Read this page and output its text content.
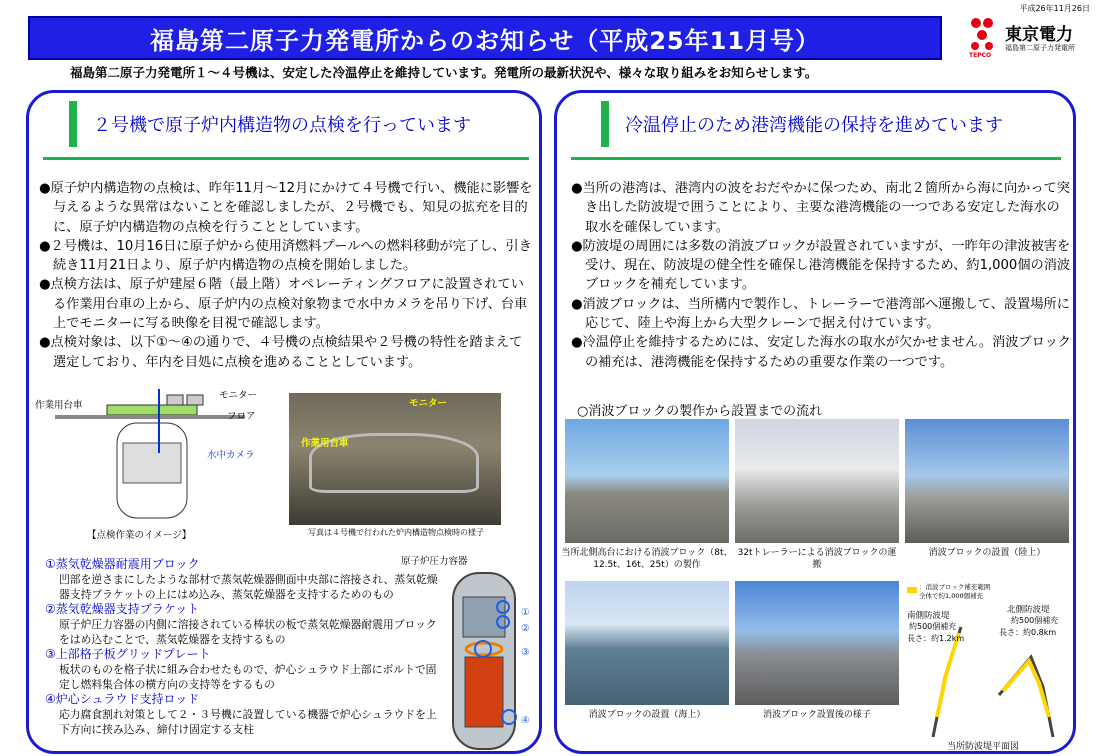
平成26年11月26日
福島第二原子力発電所からのお知らせ（平成25年11月号）	東京電力
福島第二原子力発電所
TEPCO
福島第二原子力発電所１～４号機は、安定した冷温停止を維持しています。発電所の最新状況や、様々な取り組みをお知らせします。
２号機で原子炉内構造物の点検を行っています
●原子炉内構造物の点検は、昨年11月～12月にかけて４号機で行い、機能に影響を与えるような異常はないことを確認しましたが、２号機でも、知見の拡充を目的に、原子炉内構造物の点検を行うこととしています。
●２号機は、10月16日に原子炉から使用済燃料プールへの燃料移動が完了し、引き続き11月21日より、原子炉内構造物の点検を開始しました。
●点検方法は、原子炉建屋６階（最上階）オペレーティングフロアに設置されている作業用台車の上から、原子炉内の点検対象物まで水中カメラを吊り下げ、台車上でモニターに写る映像を目視で確認します。
●点検対象は、以下①～④の通りで、４号機の点検結果や２号機の特性を踏まえて選定しており、年内を目処に点検を進めることとしています。
モニター
作業用台車
フロア
水中カメラ
【点検作業のイメージ】
モニター
作業用台車
写真は４号機で行われた炉内構造物点検時の様子
①蒸気乾燥器耐震用ブロック
凹部を逆さまにしたような部材で蒸気乾燥器側面中央部に溶接され、蒸気乾燥器支持ブラケットの上にはめ込み、蒸気乾燥器を支持するためのもの
②蒸気乾燥器支持ブラケット
原子炉圧力容器の内側に溶接されている棒状の板で蒸気乾燥器耐震用ブロックをはめ込むことで、蒸気乾燥器を支持するもの
③上部格子板グリッドプレート
板状のものを格子状に組み合わせたもので、炉心シュラウド上部にボルトで固定し燃料集合体の横方向の支持等をするもの
④炉心シュラウド支持ロッド
応力腐食割れ対策として２・３号機に設置している機器で炉心シュラウドを上下方向に挟み込み、締付け固定する支柱
原子炉圧力容器
①
②
③
④
冷温停止のため港湾機能の保持を進めています
●当所の港湾は、港湾内の波をおだやかに保つため、南北２箇所から海に向かって突き出した防波堤で囲うことにより、主要な港湾機能の一つである安定した海水の取水を確保しています。
●防波堤の周囲には多数の消波ブロックが設置されていますが、一昨年の津波被害を受け、現在、防波堤の健全性を確保し港湾機能を保持するため、約1,000個の消波ブロックを補充しています。
●消波ブロックは、当所構内で製作し、トレーラーで港湾部へ運搬して、設置場所に応じて、陸上や海上から大型クレーンで据え付けています。
●冷温停止を維持するためには、安定した海水の取水が欠かせません。消波ブロックの補充は、港湾機能を保持するための重要な作業の一つです。
○消波ブロックの製作から設置までの流れ
当所北側高台における消波ブロック（8t、12.5t、16t、25t）の製作
32tトレーラーによる消波ブロックの運搬
消波ブロックの設置（陸上）
消波ブロックの設置（海上）	消波ブロック設置後の様子
：消波ブロック補充範囲
全体で約1,000個補充
南側防波堤
約500個補充
長さ：約1.2km
北側防波堤
約500個補充
長さ：約0.8km
当所防波堤平面図
